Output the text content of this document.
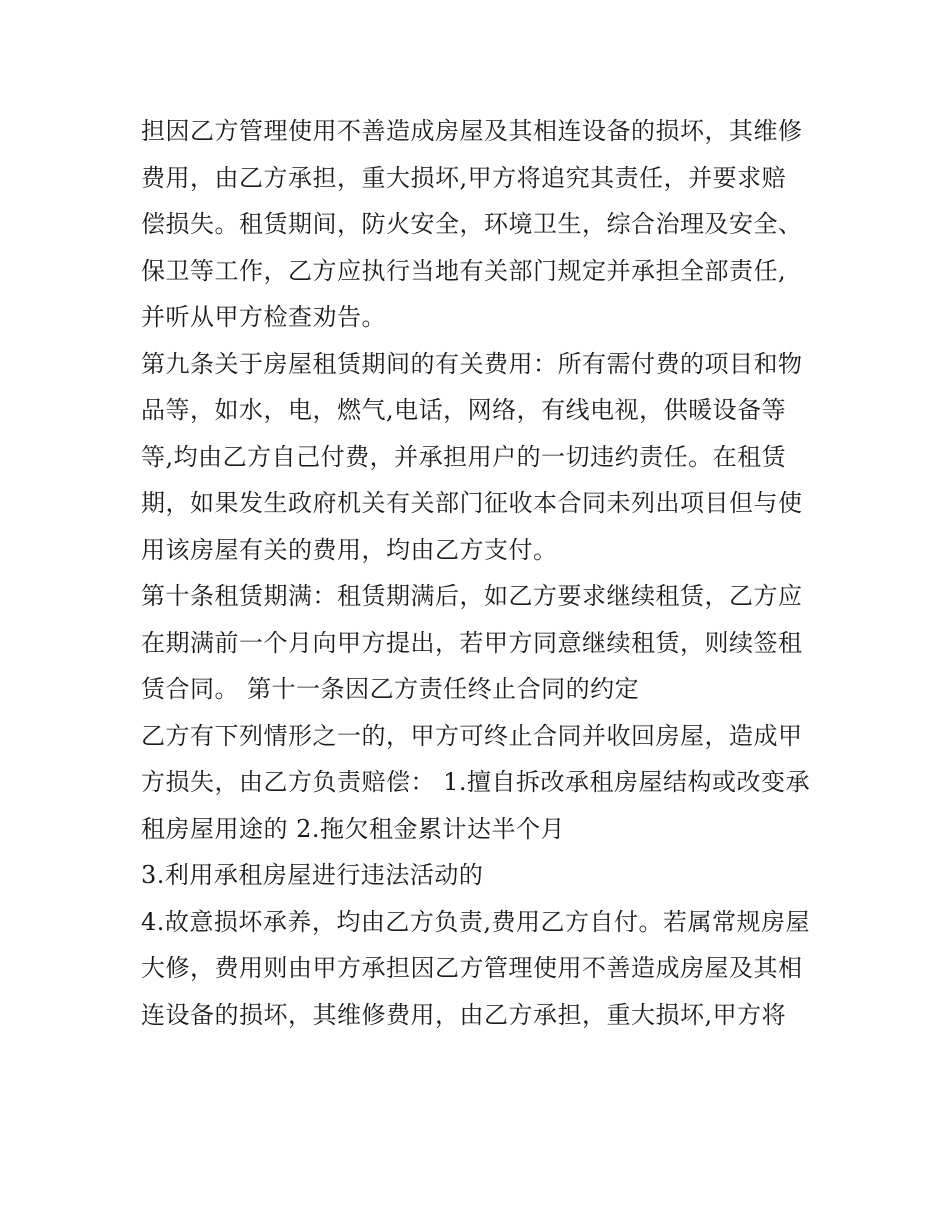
担因乙方管理使用不善造成房屋及其相连设备的损坏，其维修
费用，由乙方承担，重大损坏,甲方将追究其责任，并要求赔
偿损失。租赁期间，防火安全，环境卫生，综合治理及安全、
保卫等工作，乙方应执行当地有关部门规定并承担全部责任,
并听从甲方检查劝告。
第九条关于房屋租赁期间的有关费用：所有需付费的项目和物
品等，如水，电，燃气,电话，网络，有线电视，供暖设备等
等,均由乙方自己付费，并承担用户的一切违约责任。在租赁
期，如果发生政府机关有关部门征收本合同未列出项目但与使
用该房屋有关的费用，均由乙方支付。
第十条租赁期满：租赁期满后，如乙方要求继续租赁，乙方应
在期满前一个月向甲方提出，若甲方同意继续租赁，则续签租
赁合同。 第十一条因乙方责任终止合同的约定
乙方有下列情形之一的，甲方可终止合同并收回房屋，造成甲
方损失，由乙方负责赔偿： 1.擅自拆改承租房屋结构或改变承
租房屋用途的 2.拖欠租金累计达半个月
3.利用承租房屋进行违法活动的
4.故意损坏承养，均由乙方负责,费用乙方自付。若属常规房屋
大修，费用则由甲方承担因乙方管理使用不善造成房屋及其相
连设备的损坏，其维修费用，由乙方承担，重大损坏,甲方将
